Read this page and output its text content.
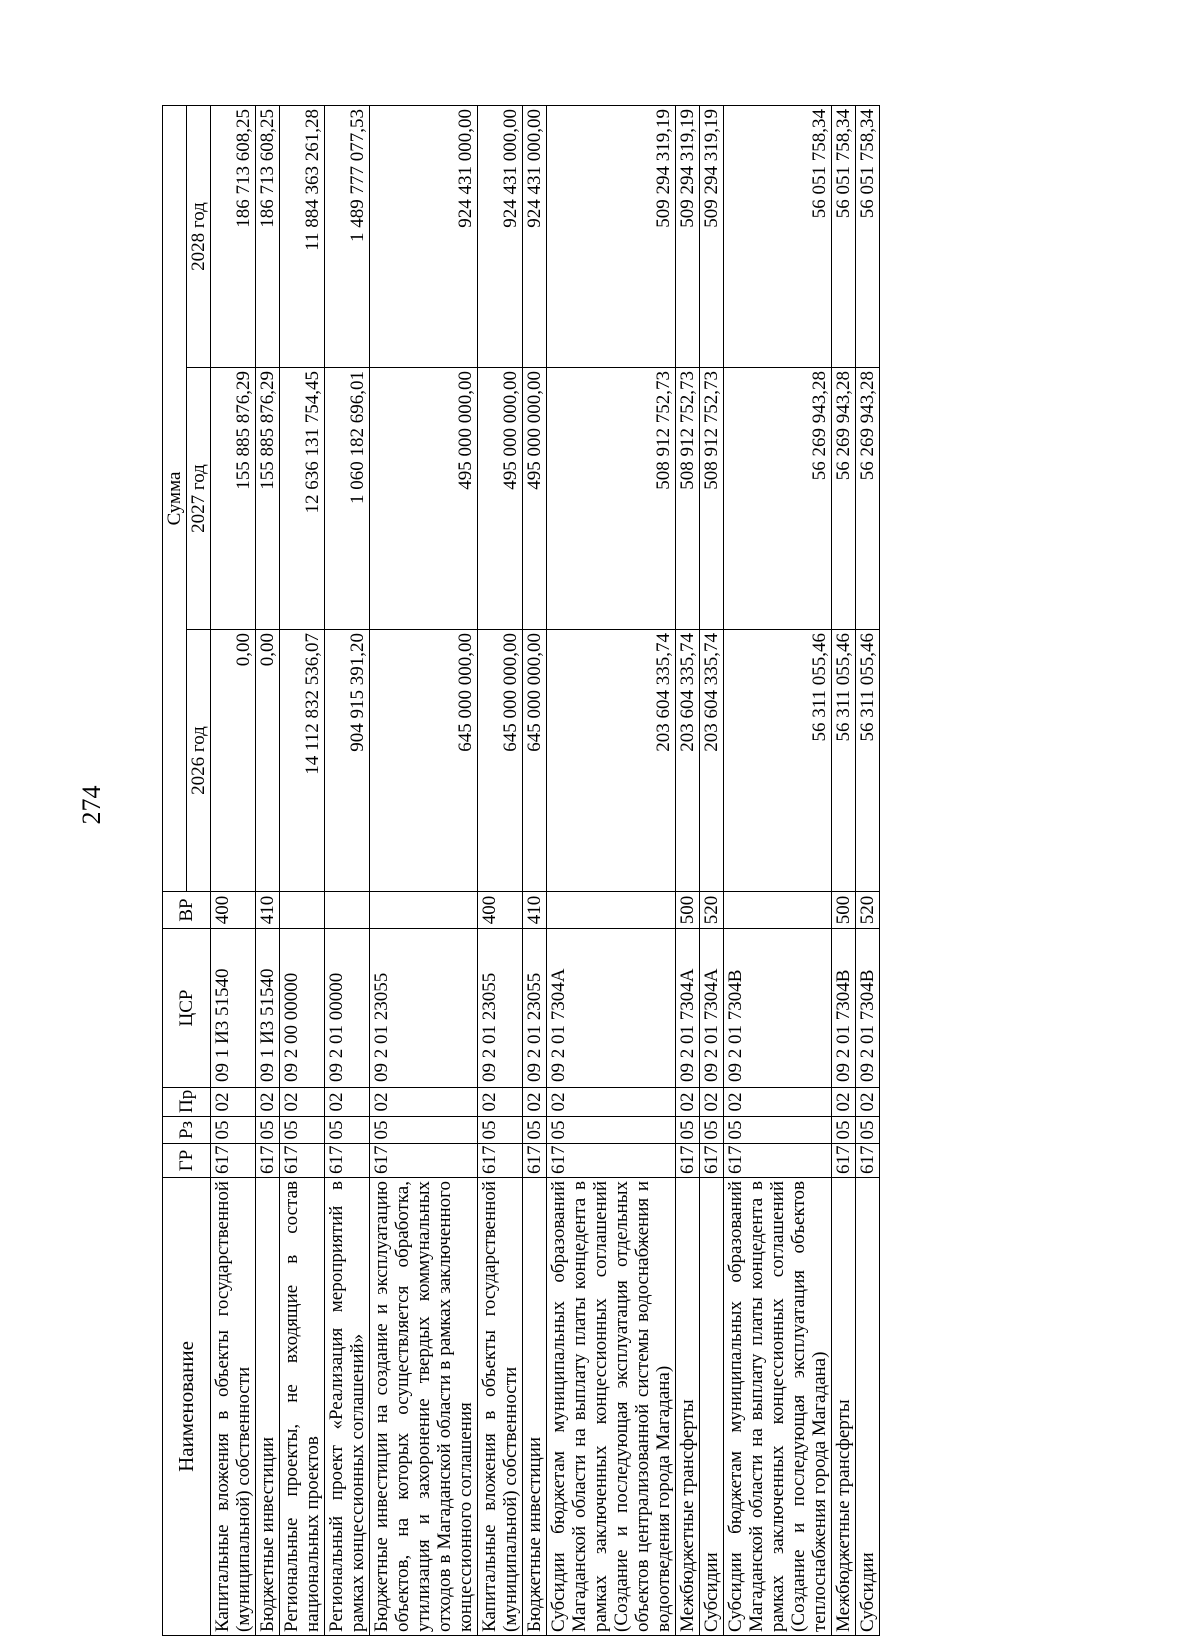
274
Наименование	ГР	Рз	Пр	ЦСР	ВР	Сумма		
						2026 год	2027 год	2028 год
Капитальные вложения в объекты государственной (муниципальной) собственности	617	05	02	09 1 И3 51540	400	0,00	155 885 876,29	186 713 608,25
Бюджетные инвестиции	617	05	02	09 1 И3 51540	410	0,00	155 885 876,29	186 713 608,25
Региональные проекты, не входящие в состав национальных проектов	617	05	02	09 2 00 00000		14 112 832 536,07	12 636 131 754,45	11 884 363 261,28
Региональный проект «Реализация мероприятий в рамках концессионных соглашений»	617	05	02	09 2 01 00000		904 915 391,20	1 060 182 696,01	1 489 777 077,53
Бюджетные инвестиции на создание и эксплуатацию объектов, на которых осуществляется обработка, утилизация и захоронение твердых коммунальных отходов в Магаданской области в рамках заключенного концессионного соглашения	617	05	02	09 2 01 23055		645 000 000,00	495 000 000,00	924 431 000,00
Капитальные вложения в объекты государственной (муниципальной) собственности	617	05	02	09 2 01 23055	400	645 000 000,00	495 000 000,00	924 431 000,00
Бюджетные инвестиции	617	05	02	09 2 01 23055	410	645 000 000,00	495 000 000,00	924 431 000,00
Субсидии бюджетам муниципальных образований Магаданской области на выплату платы концедента в рамках заключенных концессионных соглашений (Создание и последующая эксплуатация отдельных объектов централизованной системы водоснабжения и водоотведения города Магадана)	617	05	02	09 2 01 7304А		203 604 335,74	508 912 752,73	509 294 319,19
Межбюджетные трансферты	617	05	02	09 2 01 7304А	500	203 604 335,74	508 912 752,73	509 294 319,19
Субсидии	617	05	02	09 2 01 7304А	520	203 604 335,74	508 912 752,73	509 294 319,19
Субсидии бюджетам муниципальных образований Магаданской области на выплату платы концедента в рамках заключенных концессионных соглашений (Создание и последующая эксплуатация объектов теплоснабжения города Магадана)	617	05	02	09 2 01 7304В		56 311 055,46	56 269 943,28	56 051 758,34
Межбюджетные трансферты	617	05	02	09 2 01 7304В	500	56 311 055,46	56 269 943,28	56 051 758,34
Субсидии	617	05	02	09 2 01 7304В	520	56 311 055,46	56 269 943,28	56 051 758,34
